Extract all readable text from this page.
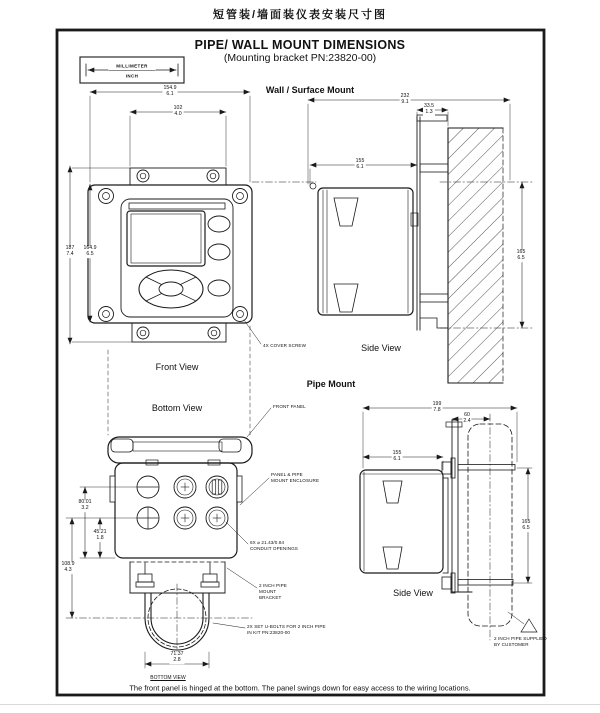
短管装/墙面装仪表安装尺寸图
PIPE/ WALL MOUNT DIMENSIONS
(Mounting bracket PN:23820-00)
MILLIMETER
INCH
Wall / Surface Mount
Pipe Mount
Front View
Side View
Bottom View
Side View
BOTTOM VIEW
4X COVER SCREW
FRONT PANEL
PANEL & PIPE
MOUNT ENCLOSURE
6X ⌀ 21.43/0.84
CONDUIT OPENINGS
2 INCH PIPE
MOUNT
BRACKET
2X SET U-BOLTS FOR 2 INCH PIPE
IN KIT PN:23820-00
2 INCH PIPE SUPPLIED
BY CUSTOMER
154.9
6.1
102
4.0
187
7.4
164.9
6.5
232
9.1
33.5
1.3
155
6.1
165
6.5
199
7.8
60
2.4
155
6.1
165
6.5
80.01
3.2
45.21
1.8
108.9
4.3
71.37
2.8
The front panel is hinged at the bottom. The panel swings down for easy access to the wiring locations.
